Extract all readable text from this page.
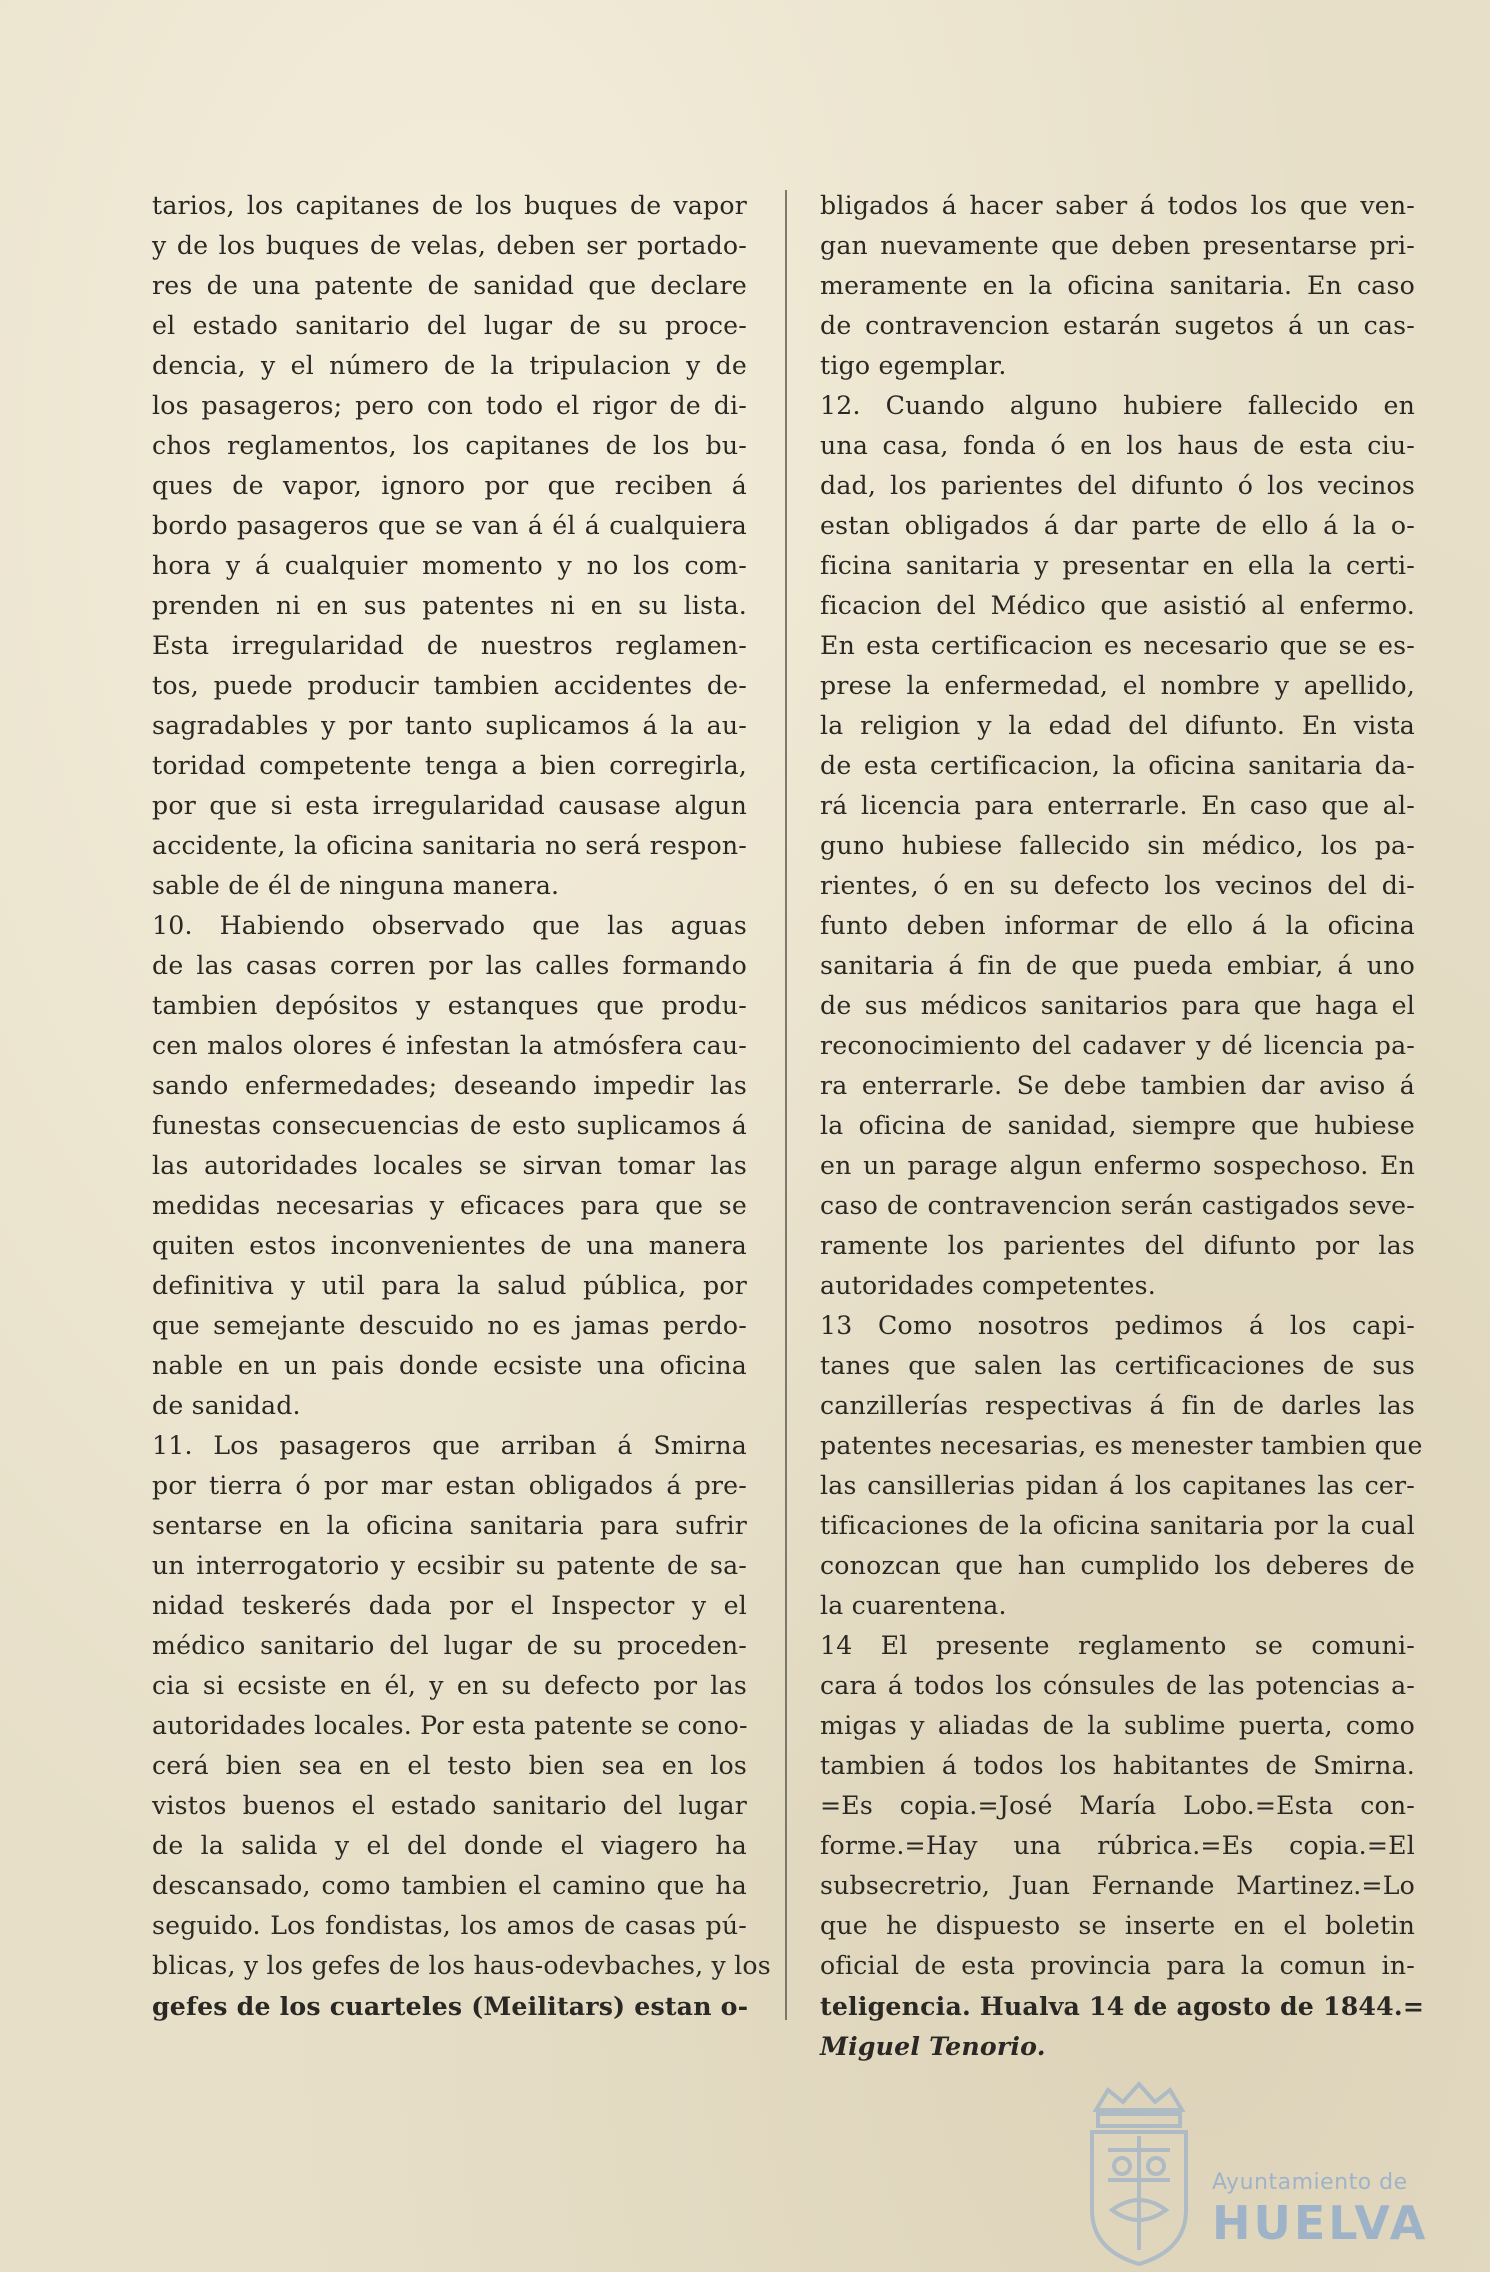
tarios, los capitanes de los buques de vapor
y de los buques de velas, deben ser portado-
res de una patente de sanidad que declare
el estado sanitario del lugar de su proce-
dencia, y el número de la tripulacion y de
los pasageros; pero con todo el rigor de di-
chos reglamentos, los capitanes de los bu-
ques de vapor, ignoro por que reciben á
bordo pasageros que se van á él á cualquiera
hora y á cualquier momento y no los com-
prenden ni en sus patentes ni en su lista.
Esta irregularidad de nuestros reglamen-
tos, puede producir tambien accidentes de-
sagradables y por tanto suplicamos á la au-
toridad competente tenga a bien corregirla,
por que si esta irregularidad causase algun
accidente, la oficina sanitaria no será respon-
sable de él de ninguna manera.
10. Habiendo observado que las aguas
de las casas corren por las calles formando
tambien depósitos y estanques que produ-
cen malos olores é infestan la atmósfera cau-
sando enfermedades; deseando impedir las
funestas consecuencias de esto suplicamos á
las autoridades locales se sirvan tomar las
medidas necesarias y eficaces para que se
quiten estos inconvenientes de una manera
definitiva y util para la salud pública, por
que semejante descuido no es jamas perdo-
nable en un pais donde ecsiste una oficina
de sanidad.
11. Los pasageros que arriban á Smirna
por tierra ó por mar estan obligados á pre-
sentarse en la oficina sanitaria para sufrir
un interrogatorio y ecsibir su patente de sa-
nidad teskerés dada por el Inspector y el
médico sanitario del lugar de su proceden-
cia si ecsiste en él, y en su defecto por las
autoridades locales. Por esta patente se cono-
cerá bien sea en el testo bien sea en los
vistos buenos el estado sanitario del lugar
de la salida y el del donde el viagero ha
descansado, como tambien el camino que ha
seguido. Los fondistas, los amos de casas pú-
blicas, y los gefes de los haus-odevbaches, y los
gefes de los cuarteles (Meilitars) estan o-
bligados á hacer saber á todos los que ven-
gan nuevamente que deben presentarse pri-
meramente en la oficina sanitaria. En caso
de contravencion estarán sugetos á un cas-
tigo egemplar.
12. Cuando alguno hubiere fallecido en
una casa, fonda ó en los haus de esta ciu-
dad, los parientes del difunto ó los vecinos
estan obligados á dar parte de ello á la o-
ficina sanitaria y presentar en ella la certi-
ficacion del Médico que asistió al enfermo.
En esta certificacion es necesario que se es-
prese la enfermedad, el nombre y apellido,
la religion y la edad del difunto. En vista
de esta certificacion, la oficina sanitaria da-
rá licencia para enterrarle. En caso que al-
guno hubiese fallecido sin médico, los pa-
rientes, ó en su defecto los vecinos del di-
funto deben informar de ello á la oficina
sanitaria á fin de que pueda embiar, á uno
de sus médicos sanitarios para que haga el
reconocimiento del cadaver y dé licencia pa-
ra enterrarle. Se debe tambien dar aviso á
la oficina de sanidad, siempre que hubiese
en un parage algun enfermo sospechoso. En
caso de contravencion serán castigados seve-
ramente los parientes del difunto por las
autoridades competentes.
13 Como nosotros pedimos á los capi-
tanes que salen las certificaciones de sus
canzillerías respectivas á fin de darles las
patentes necesarias, es menester tambien que
las cansillerias pidan á los capitanes las cer-
tificaciones de la oficina sanitaria por la cual
conozcan que han cumplido los deberes de
la cuarentena.
14 El presente reglamento se comuni-
cara á todos los cónsules de las potencias a-
migas y aliadas de la sublime puerta, como
tambien á todos los habitantes de Smirna.
=Es copia.=José María Lobo.=Esta con-
forme.=Hay una rúbrica.=Es copia.=El
subsecretrio, Juan Fernande Martinez.=Lo
que he dispuesto se inserte en el boletin
oficial de esta provincia para la comun in-
teligencia. Hualva 14 de agosto de 1844.=
Miguel Tenorio.
Ayuntamiento de
HUELVA
